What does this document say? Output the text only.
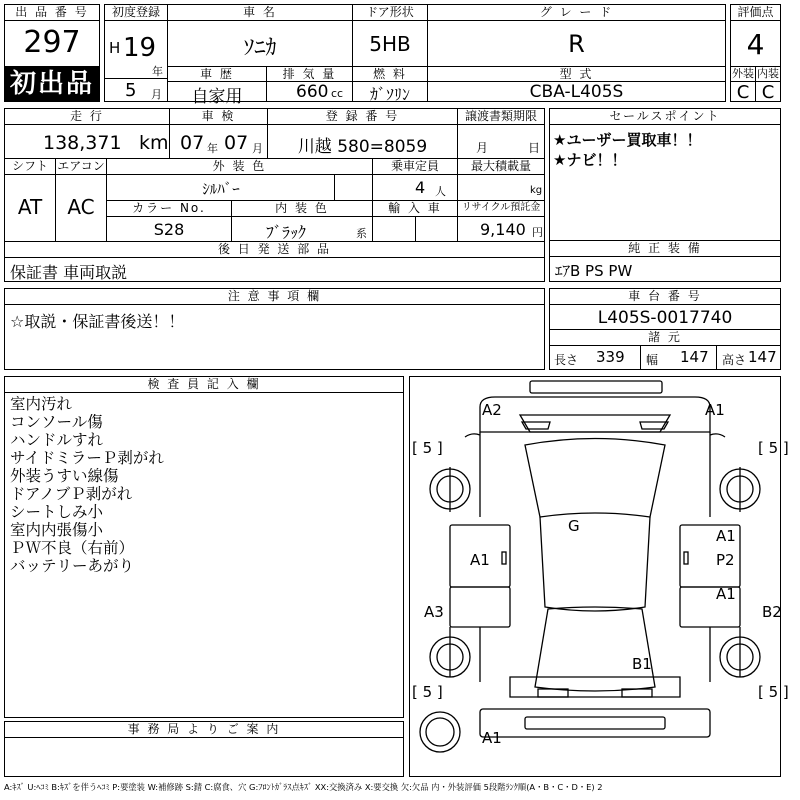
出 品 番 号
297
初出品
初度登録
H 19
年
5 月
車 名
ｿﾆｶ
ドア形状
5HB
グ レ ー ド
R
評価点
4
車 歴
自家用
排 気 量
660 cc
燃 料
ｶﾞｿﾘﾝ
型 式
CBA-L405S
外装 内装
C C
走 行
138,371 km
車 検
07 年 07 月
登 録 番 号
川越 580=8059
譲渡書類期限
月	日
シフト
AT
エアコン
AC
外 装 色
ｼﾙﾊﾞｰ
乗車定員
4 人
最大積載量
kg
カラー No.
S28
内 装 色
ﾌﾞﾗｯｸ	系
輸 入 車	リサイクル預託金
9,140 円
後 日 発 送 部 品
保証書 車両取説
セールスポイント
★ユーザー買取車！！
★ナビ！！
純 正 装 備
ｴｱB PS PW
注 意 事 項 欄
☆取説・保証書後送！！
車 台 番 号
L405S-0017740
諸 元
長さ 339 幅 147 高さ 147
検 査 員 記 入 欄
室内汚れ
コンソール傷
ハンドルすれ
サイドミラーＰ剥がれ
外装うすい線傷
ドアノブＰ剥がれ
シートしみ小
室内内張傷小
ＰＷ不良（右前）
バッテリーあがり
事 務 局 よ り ご 案 内
A2	A1
[ 5 ]	[ 5 ]
G
A1
A1
P2
A1
A3	B2
B1
[ 5 ]	[ 5 ]
A1
A:ｷｽﾞ U:ﾍｺﾐ B:ｷｽﾞを伴うﾍｺﾐ P:要塗装 W:補修跡 S:錆 C:腐食、穴 G:ﾌﾛﾝﾄｶﾞﾗｽ点ｷｽﾞ XX:交換済み X:要交換 欠:欠品 内・外装評価 5段階ﾗﾝｸ順(A・B・C・D・E) 2
